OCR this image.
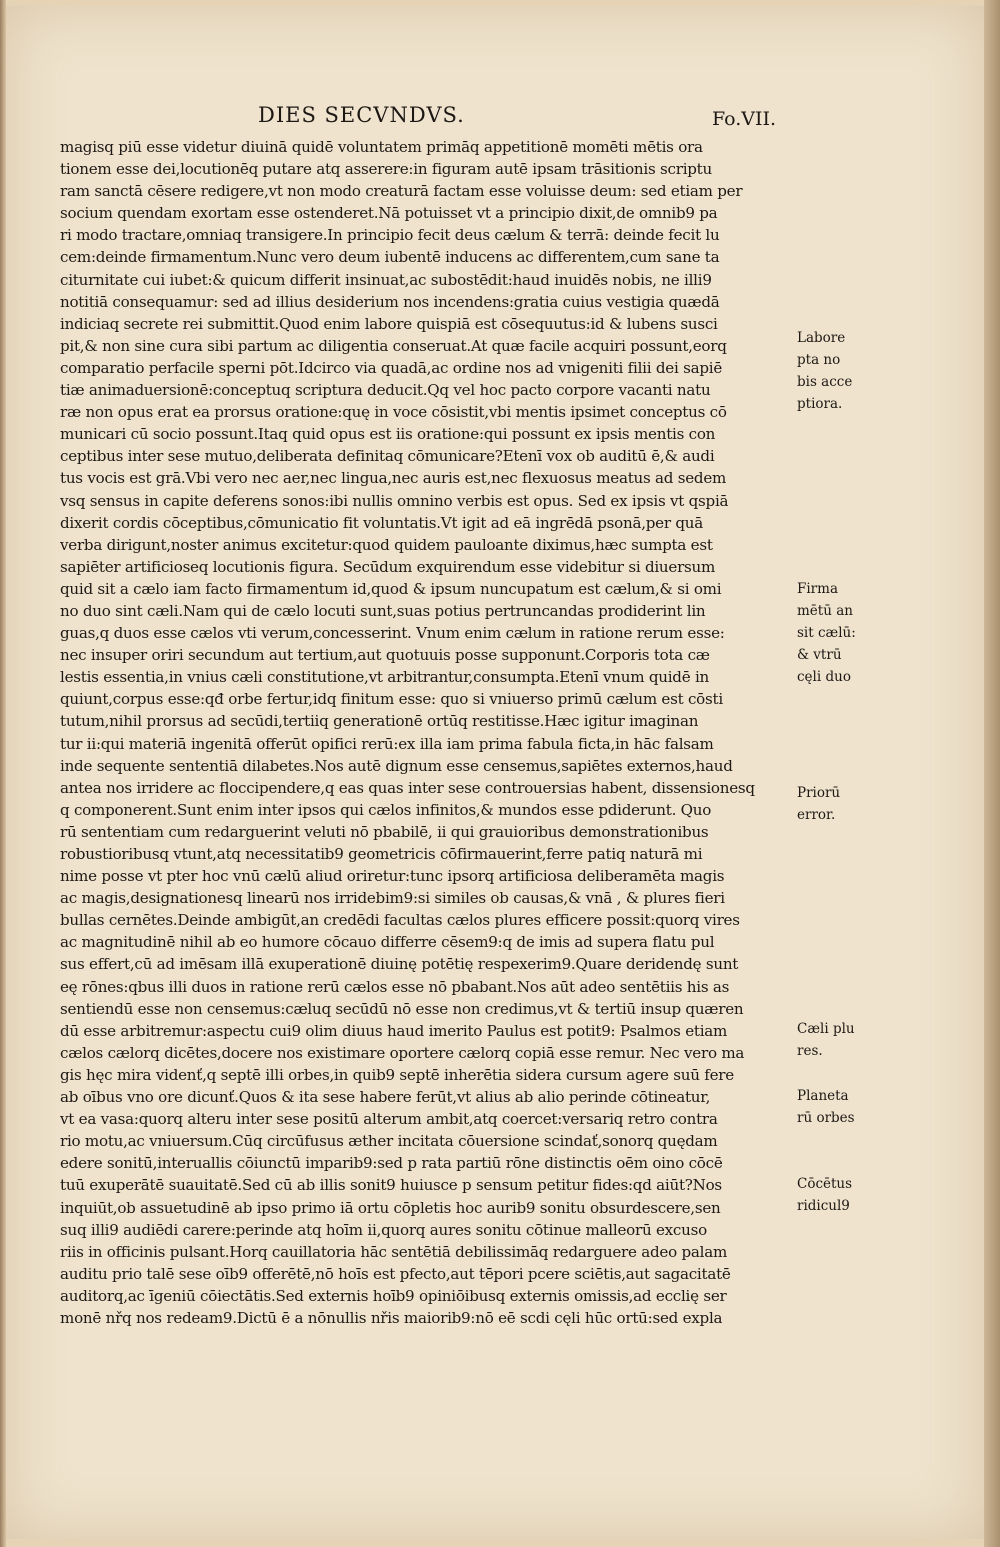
DIES SECVNDVS.	Fo.VII.
magisq piū esse videtur diuinā quidē voluntatem primāq appetitionē momēti mētis ora
tionem esse dei,locutionēq putare atq asserere:in figuram autē ipsam trāsitionis scriptu
ram sanctā cēsere redigere,vt non modo creaturā factam esse voluisse deum: sed etiam per
socium quendam exortam esse ostenderet.Nā potuisset vt a principio dixit,de omnib9 pa
ri modo tractare,omniaq transigere.In principio fecit deus cælum & terrā: deinde fecit lu
cem:deinde firmamentum.Nunc vero deum iubentē inducens ac differentem,cum sane ta
citurnitate cui iubet:& quicum differit insinuat,ac subostēdit:haud inuidēs nobis, ne illi9
notitiā consequamur: sed ad illius desiderium nos incendens:gratia cuius vestigia quædā
indiciaq secrete rei submittit.Quod enim labore quispiā est cōsequutus:id & lubens susci
pit,& non sine cura sibi partum ac diligentia conseruat.At quæ facile acquiri possunt,eorq
comparatio perfacile sperni pōt.Idcirco via quadā,ac ordine nos ad vnigeniti filii dei sapiē
tiæ animaduersionē:conceptuq scriptura deducit.Qq vel hoc pacto corpore vacanti natu
ræ non opus erat ea prorsus oratione:quę in voce cōsistit,vbi mentis ipsimet conceptus cō
municari cū socio possunt.Itaq quid opus est iis oratione:qui possunt ex ipsis mentis con
ceptibus inter sese mutuo,deliberata definitaq cōmunicare?Etenī vox ob auditū ē,& audi
tus vocis est grā.Vbi vero nec aer,nec lingua,nec auris est,nec flexuosus meatus ad sedem
vsq sensus in capite deferens sonos:ibi nullis omnino verbis est opus. Sed ex ipsis vt qspiā
dixerit cordis cōceptibus,cōmunicatio fit voluntatis.Vt igit ad eā ingrēdā psonā,per quā
verba dirigunt,noster animus excitetur:quod quidem pauloante diximus,hæc sumpta est
sapiēter artificioseq locutionis figura. Secūdum exquirendum esse videbitur si diuersum
quid sit a cælo iam facto firmamentum id,quod & ipsum nuncupatum est cælum,& si omi
no duo sint cæli.Nam qui de cælo locuti sunt,suas potius pertruncandas prodiderint lin
guas,q duos esse cælos vti verum,concesserint. Vnum enim cælum in ratione rerum esse:
nec insuper oriri secundum aut tertium,aut quotuuis posse supponunt.Corporis tota cæ
lestis essentia,in vnius cæli constitutione,vt arbitrantur,consumpta.Etenī vnum quidē in
quiunt,corpus esse:qđ orbe fertur,idq finitum esse: quo si vniuerso primū cælum est cōsti
tutum,nihil prorsus ad secūdi,tertiiq generationē ortūq restitisse.Hæc igitur imaginan
tur ii:qui materiā ingenitā offerūt opifici rerū:ex illa iam prima fabula ficta,in hāc falsam
inde sequente sententiā dilabetes.Nos autē dignum esse censemus,sapiētes externos,haud
antea nos irridere ac floccipendere,q eas quas inter sese controuersias habent, dissensionesq
q componerent.Sunt enim inter ipsos qui cælos infinitos,& mundos esse pdiderunt. Quo
rū sententiam cum redarguerint veluti nō pbabilē, ii qui grauioribus demonstrationibus
robustioribusq vtunt,atq necessitatib9 geometricis cōfirmauerint,ferre patiq naturā mi
nime posse vt pter hoc vnū cælū aliud oriretur:tunc ipsorq artificiosa deliberamēta magis
ac magis,designationesq linearū nos irridebim9:si similes ob causas,& vnā , & plures fieri
bullas cernētes.Deinde ambigūt,an credēdi facultas cælos plures efficere possit:quorq vires
ac magnitudinē nihil ab eo humore cōcauo differre cēsem9:q de imis ad supera flatu pul
sus effert,cū ad imēsam illā exuperationē diuinę potētię respexerim9.Quare deridendę sunt
eę rōnes:qbus illi duos in ratione rerū cælos esse nō pbabant.Nos aūt adeo sentētiis his as
sentiendū esse non censemus:cæluq secūdū nō esse non credimus,vt & tertiū insup quæren
dū esse arbitremur:aspectu cui9 olim diuus haud imerito Paulus est potit9: Psalmos etiam
cælos cælorq dicētes,docere nos existimare oportere cælorq copiā esse remur. Nec vero ma
gis hęc mira videnť,q septē illi orbes,in quib9 septē inherētia sidera cursum agere suū fere
ab oībus vno ore dicunť.Quos & ita sese habere ferūt,vt alius ab alio perinde cōtineatur,
vt ea vasa:quorq alteru inter sese positū alterum ambit,atq coercet:versariq retro contra
rio motu,ac vniuersum.Cūq circūfusus æther incitata cōuersione scindať,sonorq quędam
edere sonitū,interuallis cōiunctū imparib9:sed p rata partiū rōne distinctis oēm oino cōcē
tuū exuperātē suauitatē.Sed cū ab illis sonit9 huiusce p sensum petitur fides:qd aiūt?Nos
inquiūt,ob assuetudinē ab ipso primo iā ortu cōpletis hoc aurib9 sonitu obsurdescere,sen
suq illi9 audiēdi carere:perinde atq hoīm ii,quorq aures sonitu cōtinue malleorū excuso
riis in officinis pulsant.Horq cauillatoria hāc sentētiā debilissimāq redarguere adeo palam
auditu prio talē sese oīb9 offerētē,nō hoīs est pfecto,aut tēpori pcere sciētis,aut sagacitatē
auditorq,ac īgeniū cōiectātis.Sed externis hoīb9 opiniōibusq externis omissis,ad ecclię ser
monē nřq nos redeam9.Dictū ē a nōnullis nřis maiorib9:nō eē scdi cęli hūc ortū:sed expla
Labore
pta no
bis acce
ptiora.
Firma
mētū an
sit cælū:
& vtrū
cęli duo
Priorū
error.
Cæli plu
res.
Planeta
rū orbes
Cōcētus
ridicul9
